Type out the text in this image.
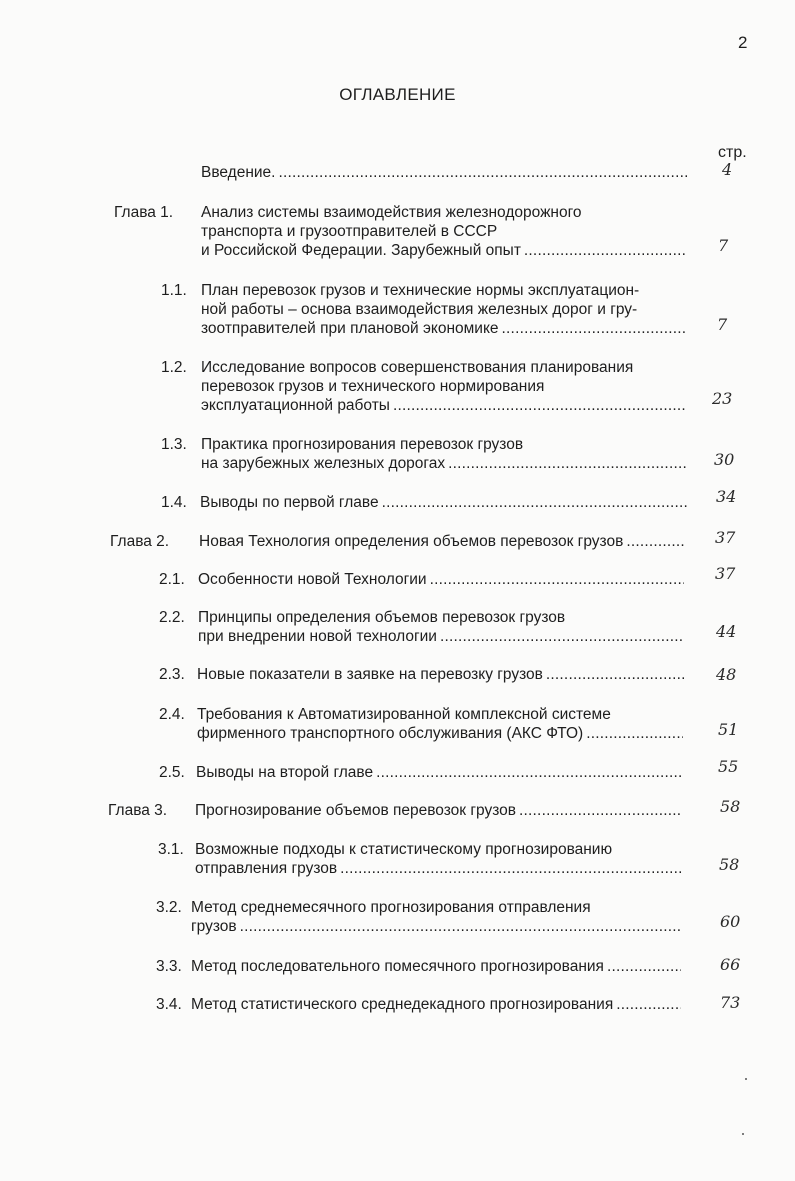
2
ОГЛАВЛЕНИЕ
стр.
Введение. .....	4
Глава 1. Анализ системы взаимодействия железнодорожного
транспорта и грузоотправителей в СССР
и Российской Федерации. Зарубежный опыт .....	7
1.1. План перевозок грузов и технические нормы эксплуатацион-
ной работы – основа взаимодействия железных дорог и гру-
зоотправителей при плановой экономике .....	7
1.2. Исследование вопросов совершенствования планирования
перевозок грузов и технического нормирования
эксплуатационной работы .....	23
1.3. Практика прогнозирования перевозок грузов
на зарубежных железных дорогах .....	30
1.4. Выводы по первой главе .....	34
Глава 2. Новая Технология определения объемов перевозок грузов .....	37
2.1. Особенности новой Технологии .....	37
2.2. Принципы определения объемов перевозок грузов
при внедрении новой технологии .....	44
2.3. Новые показатели в заявке на перевозку грузов .....	48
2.4. Требования к Автоматизированной комплексной системе
фирменного транспортного обслуживания (АКС ФТО) .....	51
2.5. Выводы на второй главе .....	55
Глава 3. Прогнозирование объемов перевозок грузов .....	58
3.1. Возможные подходы к статистическому прогнозированию
отправления грузов .....	58
3.2. Метод среднемесячного прогнозирования отправления
грузов .....	60
3.3. Метод последовательного помесячного прогнозирования .....	66
3.4. Метод статистического среднедекадного прогнозирования .....	73
